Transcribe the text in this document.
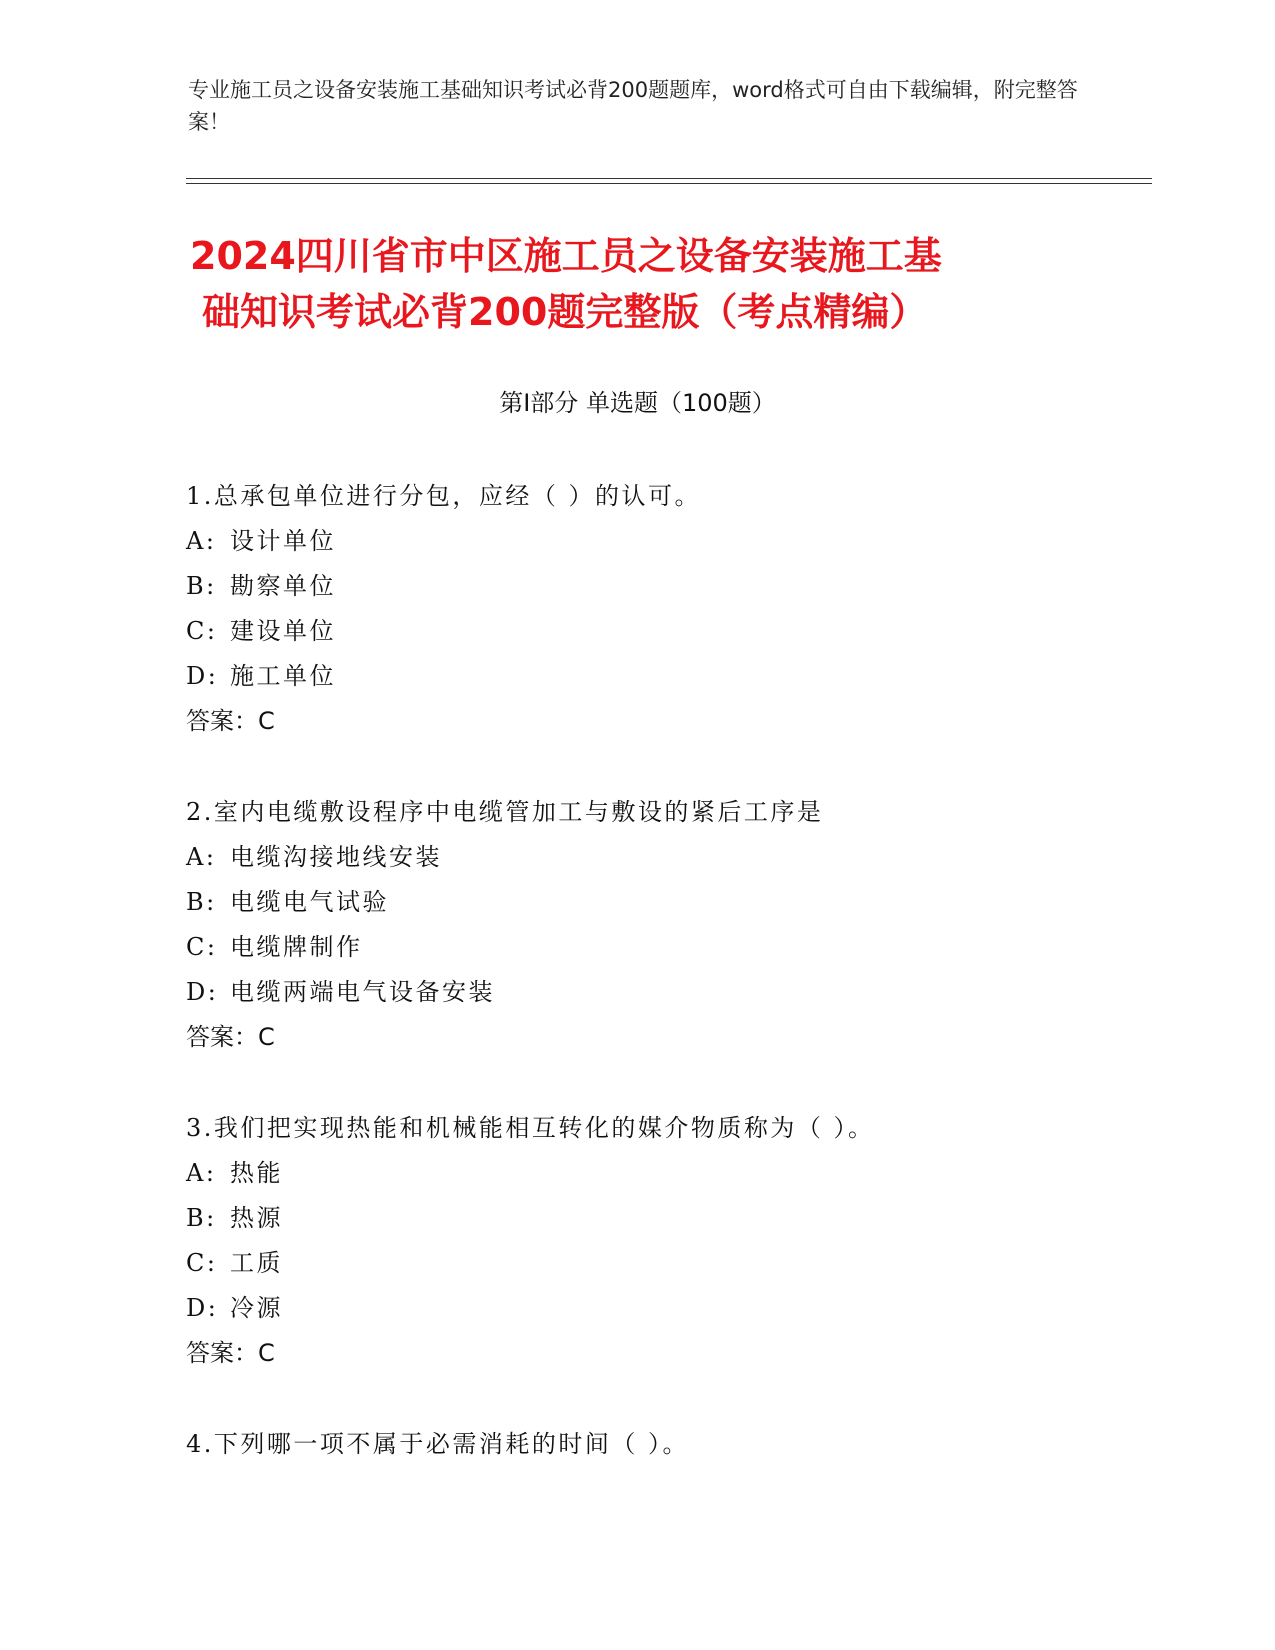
专业施工员之设备安装施工基础知识考试必背200题题库，word格式可自由下载编辑，附完整答案！
2024四川省市中区施工员之设备安装施工基
础知识考试必背200题完整版（考点精编）
第Ⅰ部分 单选题（100题）
1.总承包单位进行分包，应经（ ）的认可。
A: 设计单位
B: 勘察单位
C: 建设单位
D: 施工单位
答案：C
2.室内电缆敷设程序中电缆管加工与敷设的紧后工序是
A: 电缆沟接地线安装
B: 电缆电气试验
C: 电缆牌制作
D: 电缆两端电气设备安装
答案：C
3.我们把实现热能和机械能相互转化的媒介物质称为（ ）。
A: 热能
B: 热源
C: 工质
D: 冷源
答案：C
4.下列哪一项不属于必需消耗的时间（ ）。
